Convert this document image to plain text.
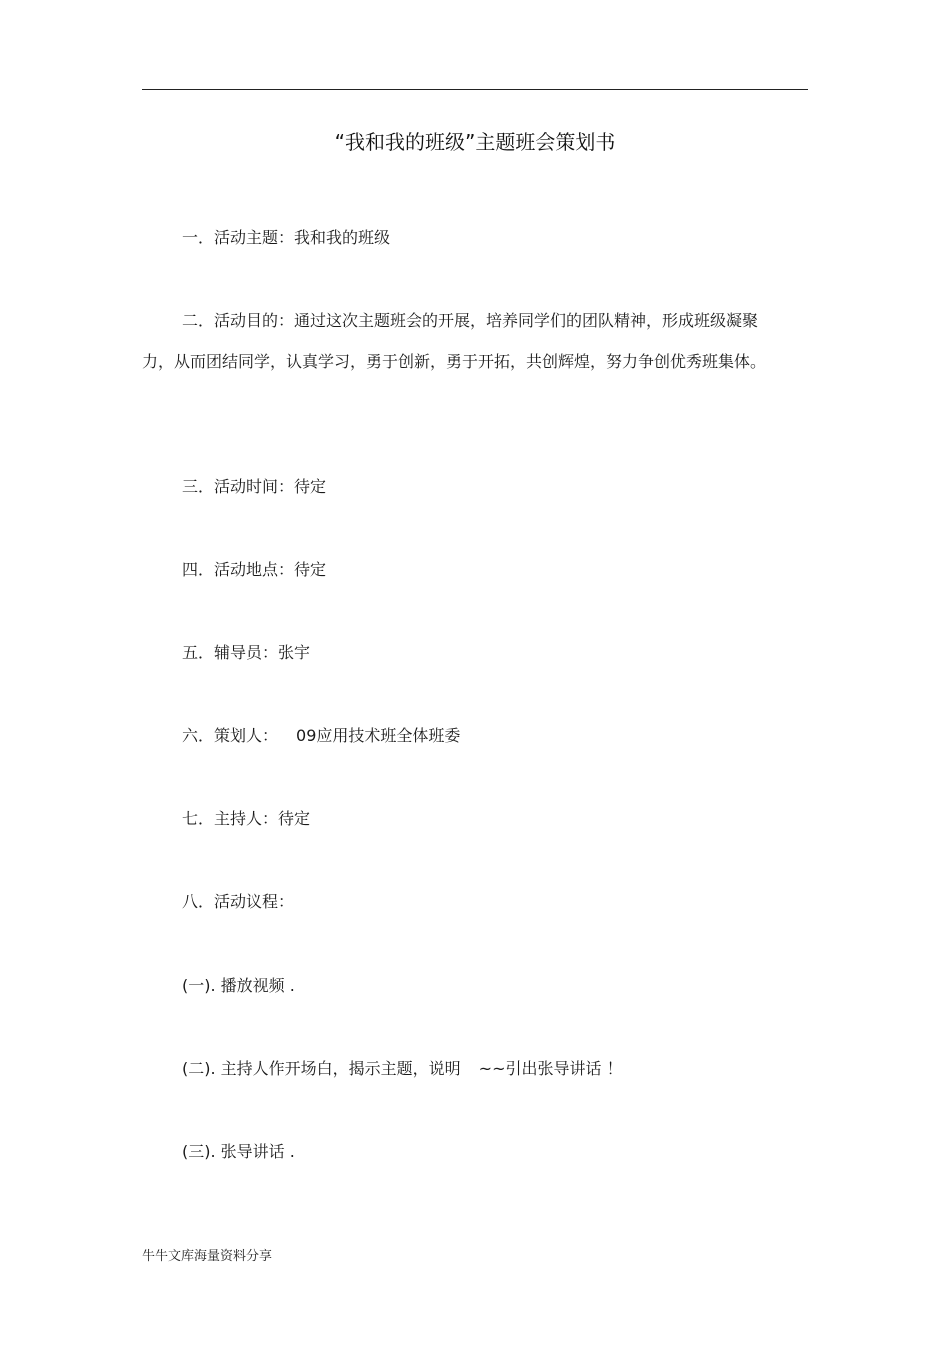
“我和我的班级”主题班会策划书
一．活动主题：我和我的班级
二．活动目的：通过这次主题班会的开展，培养同学们的团队精神，形成班级凝聚力，从而团结同学，认真学习，勇于创新，勇于开拓，共创辉煌，努力争创优秀班集体。
三．活动时间：待定
四．活动地点：待定
五．辅导员：张宇
六．策划人： 09应用技术班全体班委
七．主持人：待定
八．活动议程：
(一). 播放视频 .
(二). 主持人作开场白，揭示主题，说明 ~~引出张导讲话 ！
(三). 张导讲话 .
牛牛文库海量资料分享
